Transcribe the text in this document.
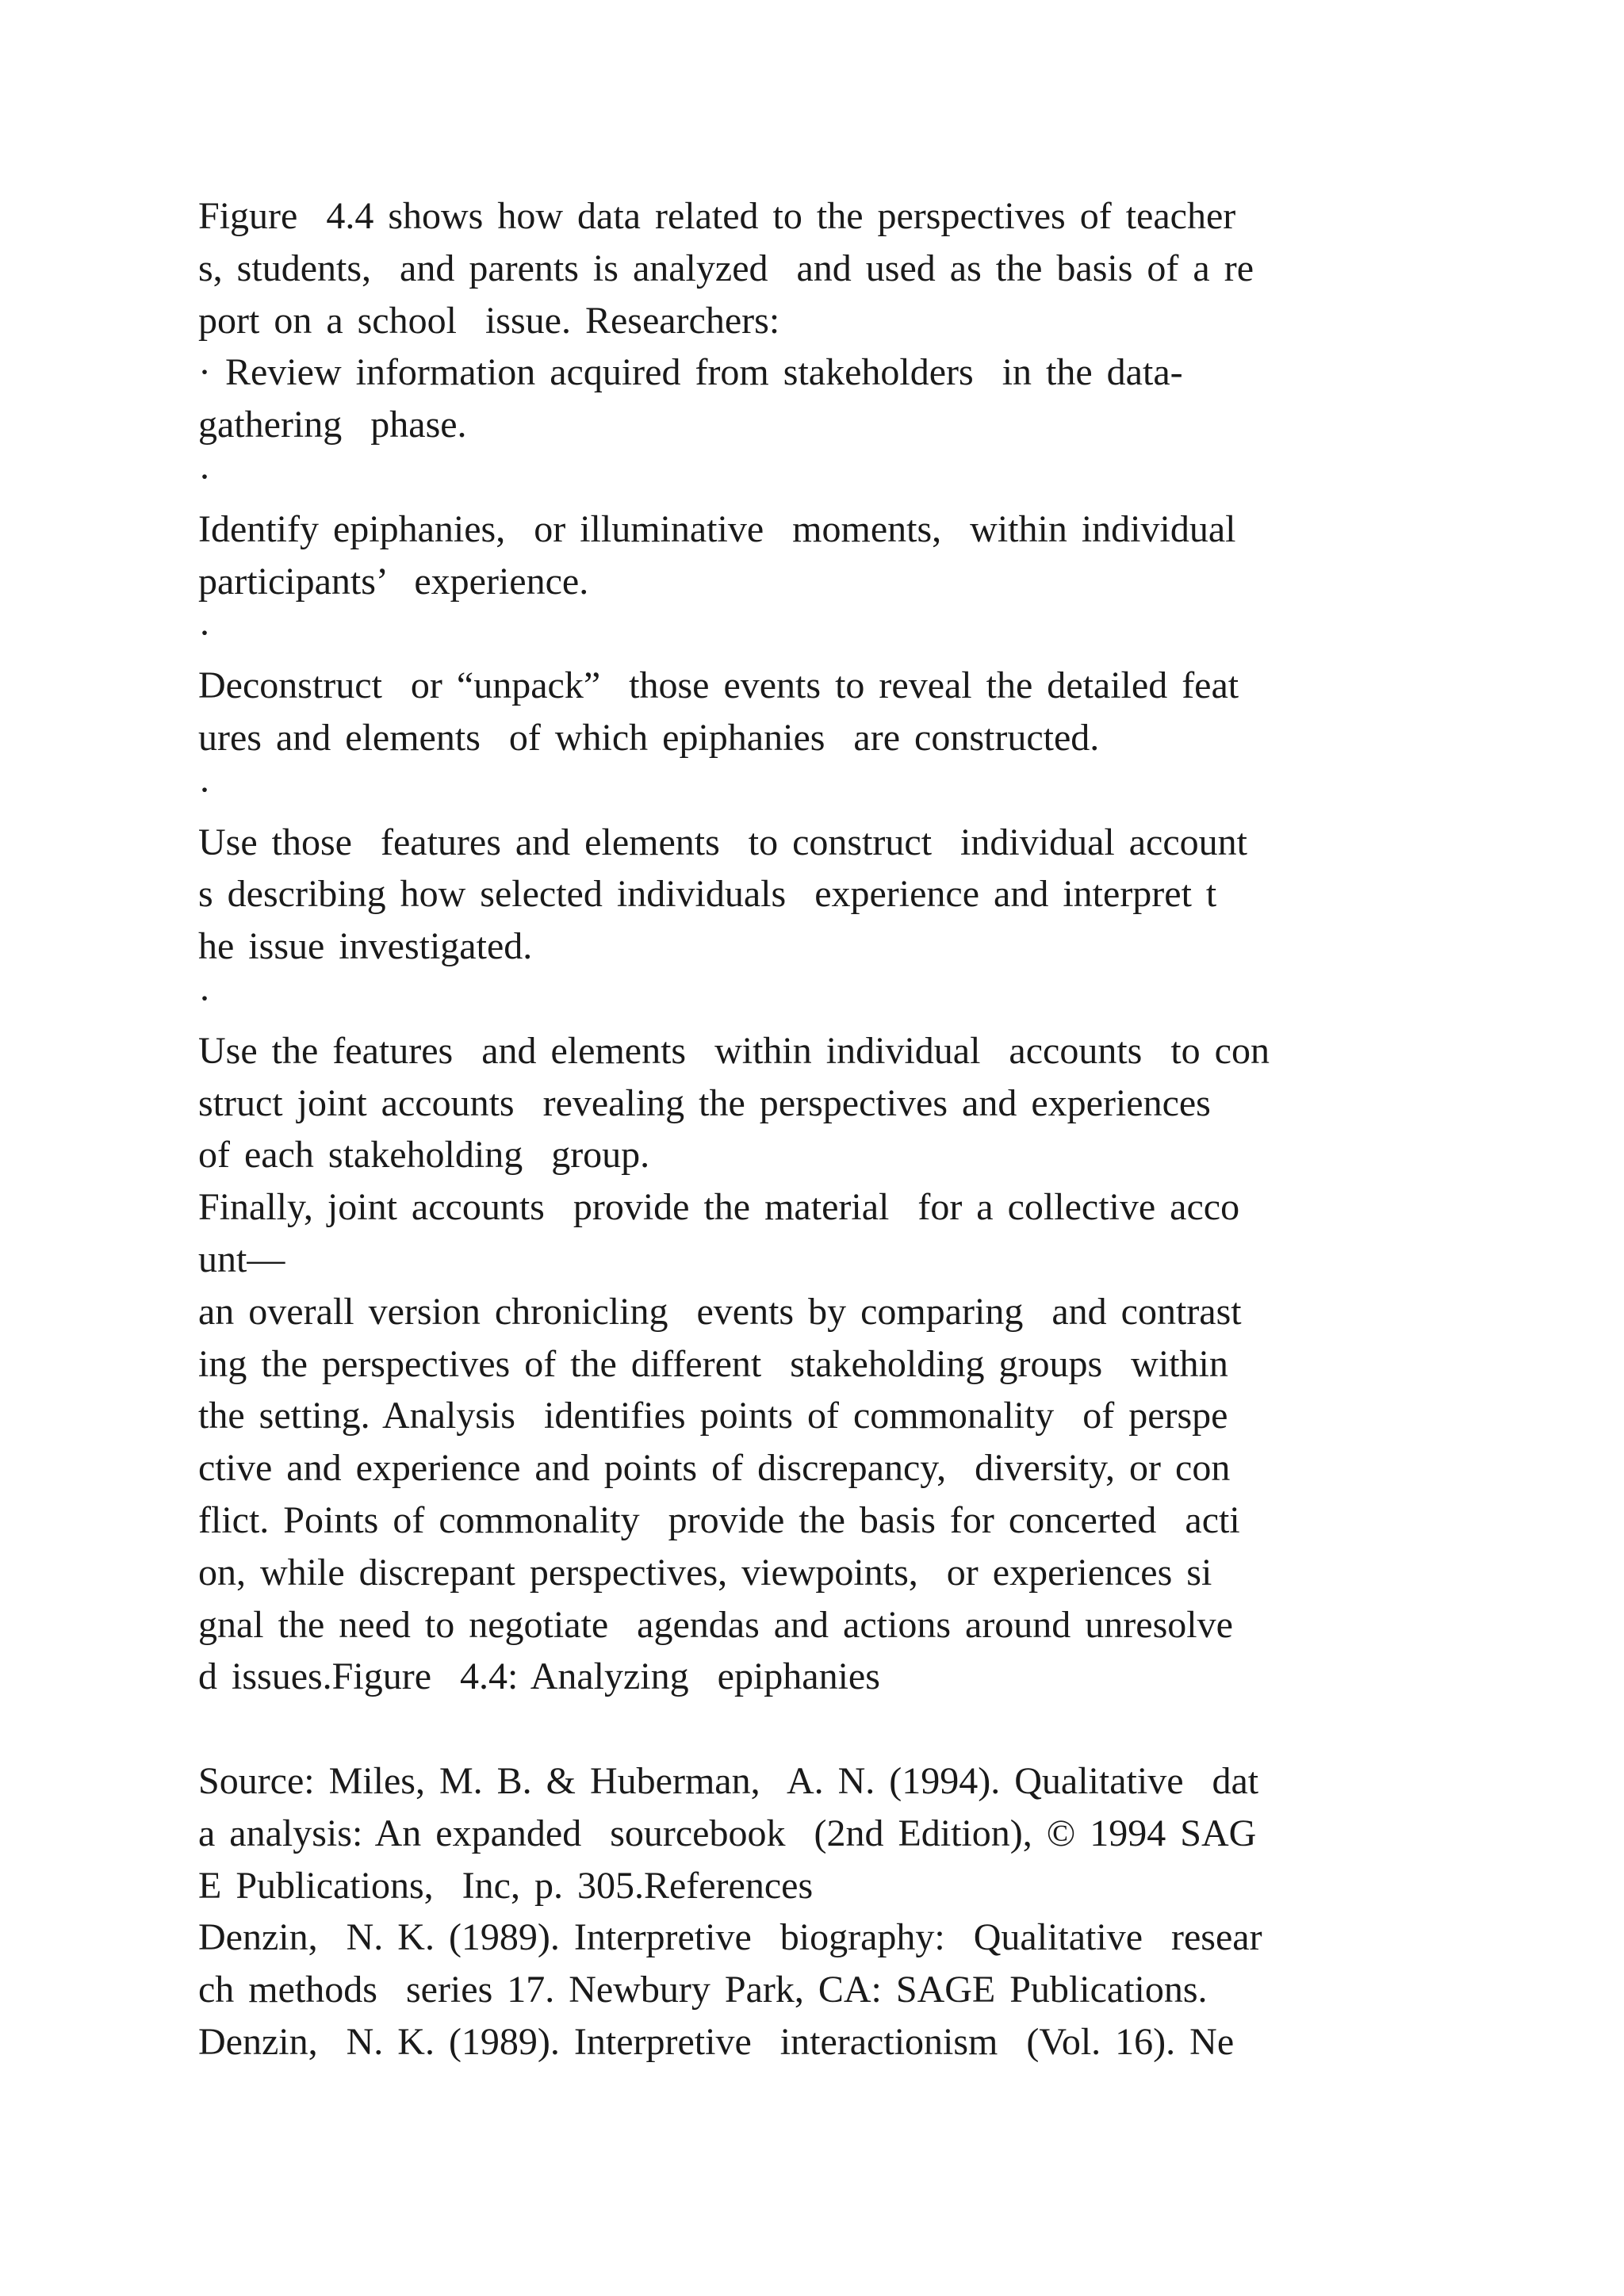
Figure  4.4 shows how data related to the perspectives of teacher
s, students,  and parents is analyzed  and used as the basis of a re
port on a school  issue. Researchers:
· Review information acquired from stakeholders  in the data-
gathering  phase.
·
Identify epiphanies,  or illuminative  moments,  within individual
participants’  experience.
·
Deconstruct  or “unpack”  those events to reveal the detailed feat
ures and elements  of which epiphanies  are constructed.
·
Use those  features and elements  to construct  individual account
s describing how selected individuals  experience and interpret t
he issue investigated.
·
Use the features  and elements  within individual  accounts  to con
struct joint accounts  revealing the perspectives and experiences
of each stakeholding  group.
Finally, joint accounts  provide the material  for a collective acco
unt—
an overall version chronicling  events by comparing  and contrast
ing the perspectives of the different  stakeholding groups  within
the setting. Analysis  identifies points of commonality  of perspe
ctive and experience and points of discrepancy,  diversity, or con
flict. Points of commonality  provide the basis for concerted  acti
on, while discrepant perspectives, viewpoints,  or experiences si
gnal the need to negotiate  agendas and actions around unresolve
d issues.Figure  4.4: Analyzing  epiphanies
Source: Miles, M. B. & Huberman,  A. N. (1994). Qualitative  dat
a analysis: An expanded  sourcebook  (2nd Edition), © 1994 SAG
E Publications,  Inc, p. 305.References
Denzin,  N. K. (1989). Interpretive  biography:  Qualitative  resear
ch methods  series 17. Newbury Park, CA: SAGE Publications.
Denzin,  N. K. (1989). Interpretive  interactionism  (Vol. 16). Ne
